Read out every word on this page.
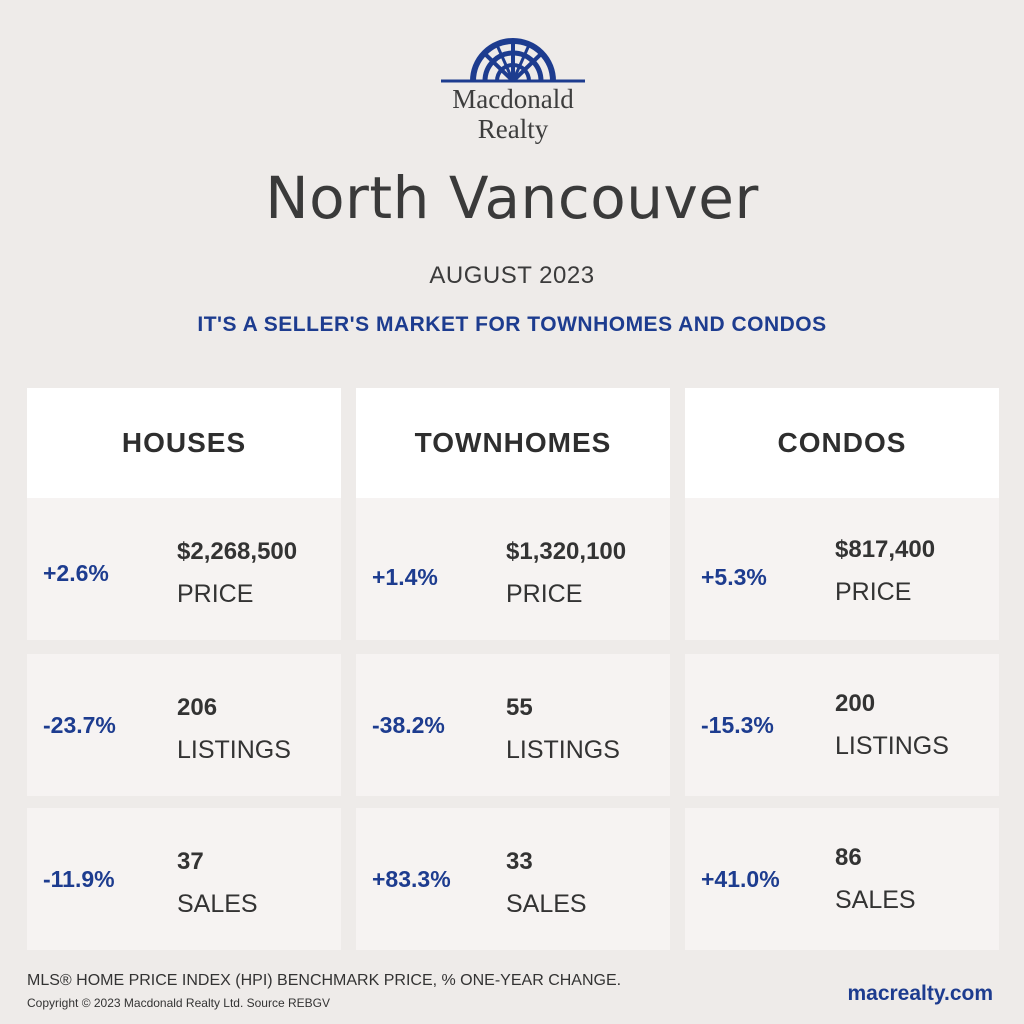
Macdonald
Realty
North Vancouver
AUGUST 2023
IT'S A SELLER'S MARKET FOR TOWNHOMES AND CONDOS
HOUSES
+2.6%
$2,268,500
PRICE
-23.7%
206
LISTINGS
-11.9%
37
SALES
TOWNHOMES
+1.4%
$1,320,100
PRICE
-38.2%
55
LISTINGS
+83.3%
33
SALES
CONDOS
+5.3%
$817,400
PRICE
-15.3%
200
LISTINGS
+41.0%
86
SALES
MLS® HOME PRICE INDEX (HPI) BENCHMARK PRICE, % ONE-YEAR CHANGE.
Copyright © 2023 Macdonald Realty Ltd. Source REBGV	macrealty.com
